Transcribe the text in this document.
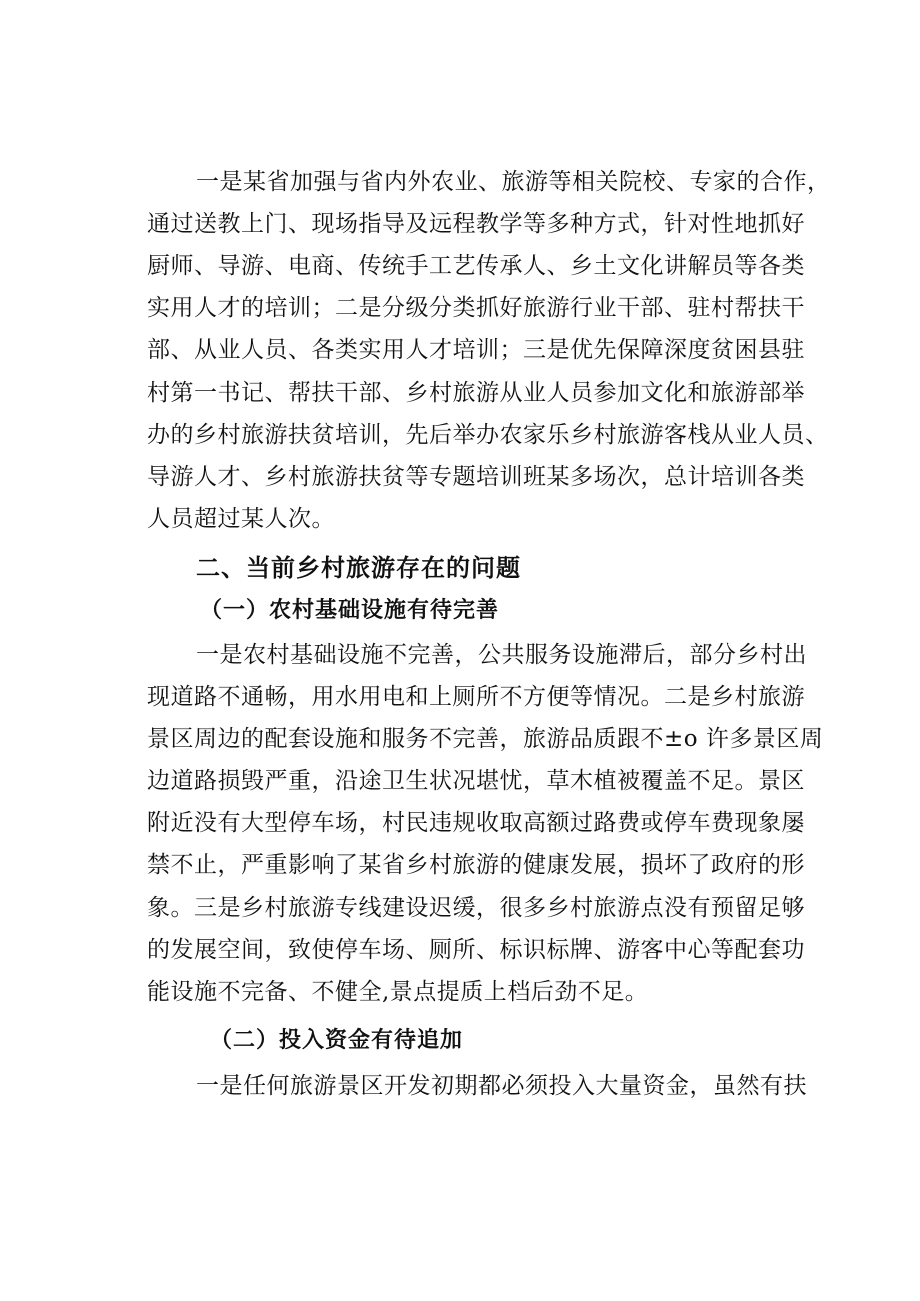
一是某省加强与省内外农业、旅游等相关院校、专家的合作，
通过送教上门、现场指导及远程教学等多种方式，针对性地抓好
厨师、导游、电商、传统手工艺传承人、乡土文化讲解员等各类
实用人才的培训；二是分级分类抓好旅游行业干部、驻村帮扶干
部、从业人员、各类实用人才培训；三是优先保障深度贫困县驻
村第一书记、帮扶干部、乡村旅游从业人员参加文化和旅游部举
办的乡村旅游扶贫培训，先后举办农家乐乡村旅游客栈从业人员、
导游人才、乡村旅游扶贫等专题培训班某多场次，总计培训各类
人员超过某人次。
二、当前乡村旅游存在的问题
（一）农村基础设施有待完善
一是农村基础设施不完善，公共服务设施滞后，部分乡村出
现道路不通畅，用水用电和上厕所不方便等情况。二是乡村旅游
景区周边的配套设施和服务不完善，旅游品质跟不±o 许多景区周
边道路损毁严重，沿途卫生状况堪忧，草木植被覆盖不足。景区
附近没有大型停车场，村民违规收取高额过路费或停车费现象屡
禁不止，严重影响了某省乡村旅游的健康发展，损坏了政府的形
象。三是乡村旅游专线建设迟缓，很多乡村旅游点没有预留足够
的发展空间，致使停车场、厕所、标识标牌、游客中心等配套功
能设施不完备、不健全,景点提质上档后劲不足。
（二）投入资金有待追加
一是任何旅游景区开发初期都必须投入大量资金，虽然有扶
